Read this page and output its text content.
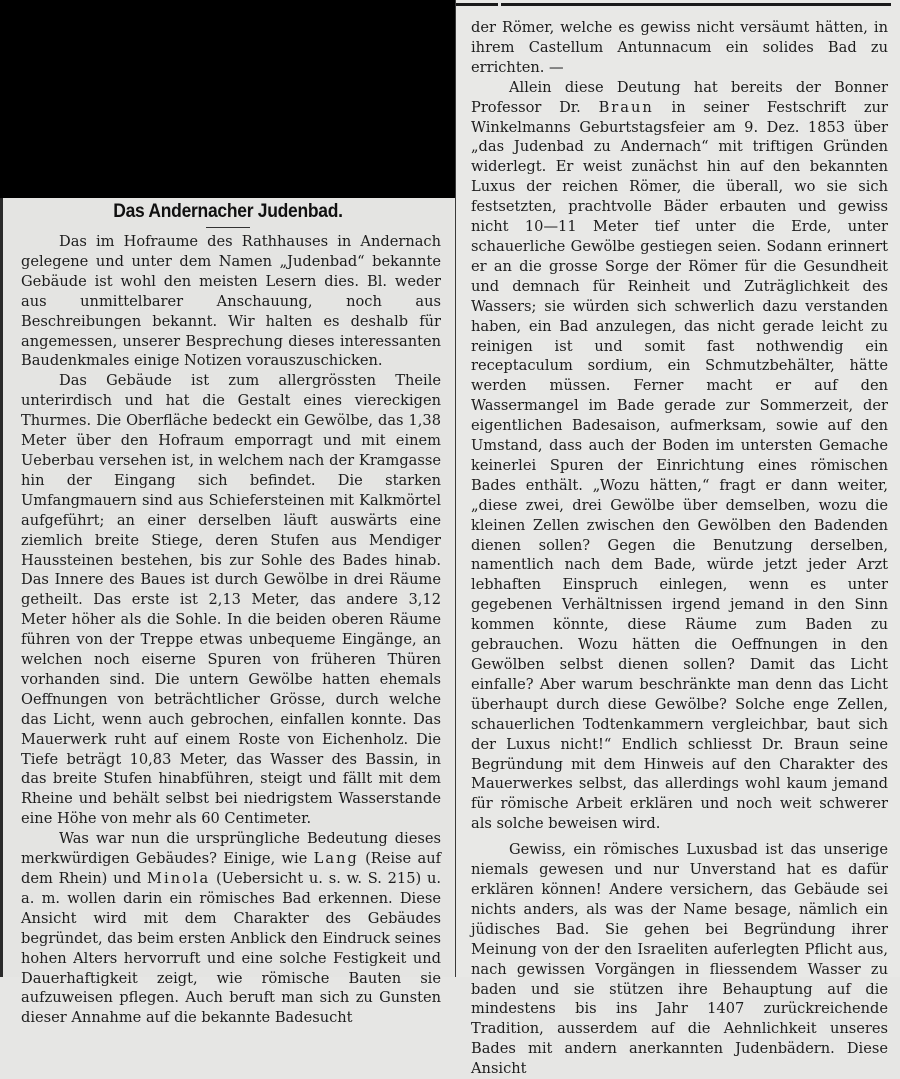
Das Andernacher Judenbad.

Das im Hofraume des Rathhauses in Andernach gelegene und unter dem Namen „Judenbad“ bekannte Gebäude ist wohl den meisten Lesern dies. Bl. weder aus unmittelbarer Anschauung, noch aus Beschreibungen bekannt. Wir halten es deshalb für angemessen, unserer Besprechung dieses interessanten Baudenkmales einige Notizen vorauszuschicken.

Das Gebäude ist zum allergrössten Theile unterirdisch und hat die Gestalt eines viereckigen Thurmes. Die Oberfläche bedeckt ein Gewölbe, das 1,38 Meter über den Hofraum emporragt und mit einem Ueberbau versehen ist, in welchem nach der Kramgasse hin der Eingang sich befindet. Die starken Umfangmauern sind aus Schiefersteinen mit Kalkmörtel aufgeführt; an einer derselben läuft auswärts eine ziemlich breite Stiege, deren Stufen aus Mendiger Haussteinen bestehen, bis zur Sohle des Bades hinab. Das Innere des Baues ist durch Gewölbe in drei Räume getheilt. Das erste ist 2,13 Meter, das andere 3,12 Meter höher als die Sohle. In die beiden oberen Räume führen von der Treppe etwas unbequeme Eingänge, an welchen noch eiserne Spuren von früheren Thüren vorhanden sind. Die untern Gewölbe hatten ehemals Oeffnungen von beträchtlicher Grösse, durch welche das Licht, wenn auch gebrochen, einfallen konnte. Das Mauerwerk ruht auf einem Roste von Eichenholz. Die Tiefe beträgt 10,83 Meter, das Wasser des Bassin, in das breite Stufen hinabführen, steigt und fällt mit dem Rheine und behält selbst bei niedrigstem Wasserstande eine Höhe von mehr als 60 Centimeter.

Was war nun die ursprüngliche Bedeutung dieses merkwürdigen Gebäudes? Einige, wie Lang (Reise auf dem Rhein) und Minola (Uebersicht u. s. w. S. 215) u. a. m. wollen darin ein römisches Bad erkennen. Diese Ansicht wird mit dem Charakter des Gebäudes begründet, das beim ersten Anblick den Eindruck seines hohen Alters hervorruft und eine solche Festigkeit und Dauerhaftigkeit zeigt, wie römische Bauten sie aufzuweisen pflegen. Auch beruft man sich zu Gunsten dieser Annahme auf die bekannte Badesucht

der Römer, welche es gewiss nicht versäumt hätten, in ihrem Castellum Antunnacum ein solides Bad zu errichten. —

Allein diese Deutung hat bereits der Bonner Professor Dr. Braun in seiner Festschrift zur Winkelmanns Geburtstagsfeier am 9. Dez. 1853 über „das Judenbad zu Andernach“ mit triftigen Gründen widerlegt. Er weist zunächst hin auf den bekannten Luxus der reichen Römer, die überall, wo sie sich festsetzten, prachtvolle Bäder erbauten und gewiss nicht 10—11 Meter tief unter die Erde, unter schauerliche Gewölbe gestiegen seien. Sodann erinnert er an die grosse Sorge der Römer für die Gesundheit und demnach für Reinheit und Zuträglichkeit des Wassers; sie würden sich schwerlich dazu verstanden haben, ein Bad anzulegen, das nicht gerade leicht zu reinigen ist und somit fast nothwendig ein receptaculum sordium, ein Schmutzbehälter, hätte werden müssen. Ferner macht er auf den Wassermangel im Bade gerade zur Sommerzeit, der eigentlichen Badesaison, aufmerksam, sowie auf den Umstand, dass auch der Boden im untersten Gemache keinerlei Spuren der Einrichtung eines römischen Bades enthält. „Wozu hätten,“ fragt er dann weiter, „diese zwei, drei Gewölbe über demselben, wozu die kleinen Zellen zwischen den Gewölben den Badenden dienen sollen? Gegen die Benutzung derselben, namentlich nach dem Bade, würde jetzt jeder Arzt lebhaften Einspruch einlegen, wenn es unter gegebenen Verhältnissen irgend jemand in den Sinn kommen könnte, diese Räume zum Baden zu gebrauchen. Wozu hätten die Oeffnungen in den Gewölben selbst dienen sollen? Damit das Licht einfalle? Aber warum beschränkte man denn das Licht überhaupt durch diese Gewölbe? Solche enge Zellen, schauerlichen Todtenkammern vergleichbar, baut sich der Luxus nicht!“ Endlich schliesst Dr. Braun seine Begründung mit dem Hinweis auf den Charakter des Mauerwerkes selbst, das allerdings wohl kaum jemand für römische Arbeit erklären und noch weit schwerer als solche beweisen wird.

Gewiss, ein römisches Luxusbad ist das unserige niemals gewesen und nur Unverstand hat es dafür erklären können! Andere versichern, das Gebäude sei nichts anders, als was der Name besage, nämlich ein jüdisches Bad. Sie gehen bei Begründung ihrer Meinung von der den Israeliten auferlegten Pflicht aus, nach gewissen Vorgängen in fliessendem Wasser zu baden und sie stützen ihre Behauptung auf die mindestens bis ins Jahr 1407 zurückreichende Tradition, ausserdem auf die Aehnlichkeit unseres Bades mit andern anerkannten Judenbädern. Diese Ansicht
